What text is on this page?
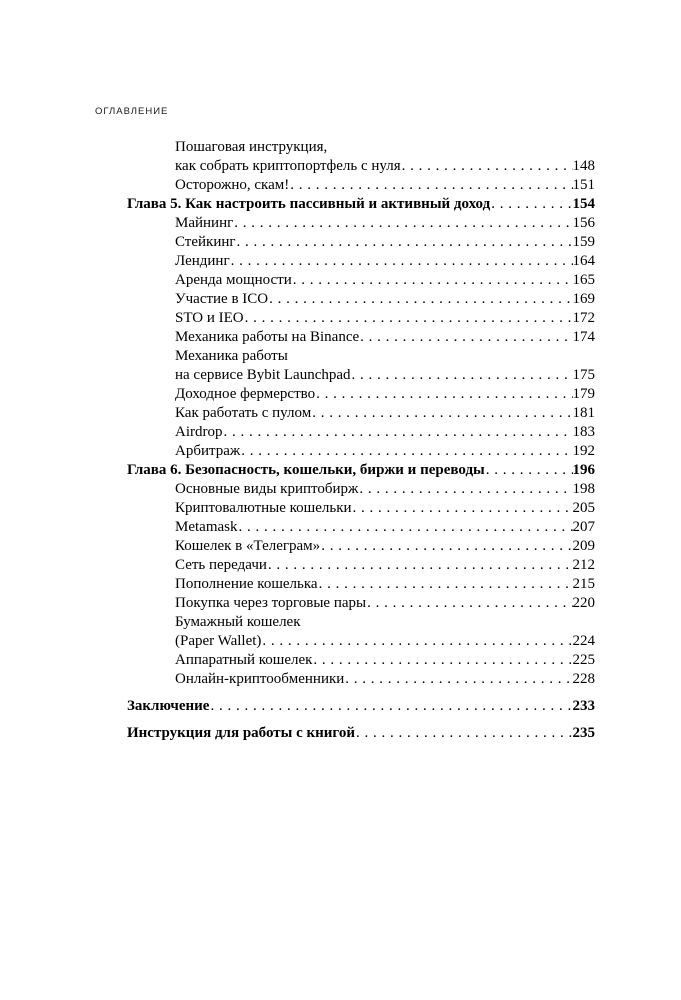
ОГЛАВЛЕНИЕ
Пошаговая инструкция,
как собрать криптопортфель с нуля . . .	148
Осторожно, скам! . . .	151
Глава 5. Как настроить пассивный и активный доход . . .	154
Майнинг . . .	156
Стейкинг . . .	159
Лендинг . . .	164
Аренда мощности . . .	165
Участие в ICO . . .	169
STO и IEO . . .	172
Механика работы на Binance . . .	174
Механика работы
на сервисе Bybit Launchpad . . .	175
Доходное фермерство . . .	179
Как работать с пулом . . .	181
Airdrop . . .	183
Арбитраж . . .	192
Глава 6. Безопасность, кошельки, биржи и переводы . . .	196
Основные виды криптобирж . . .	198
Криптовалютные кошельки . . .	205
Metamask . . .	207
Кошелек в «Телеграм» . . .	209
Сеть передачи . . .	212
Пополнение кошелька . . .	215
Покупка через торговые пары . . .	220
Бумажный кошелек
(Paper Wallet) . . .	224
Аппаратный кошелек . . .	225
Онлайн-криптообменники . . .	228
Заключение . . .	233
Инструкция для работы с книгой . . .	235
